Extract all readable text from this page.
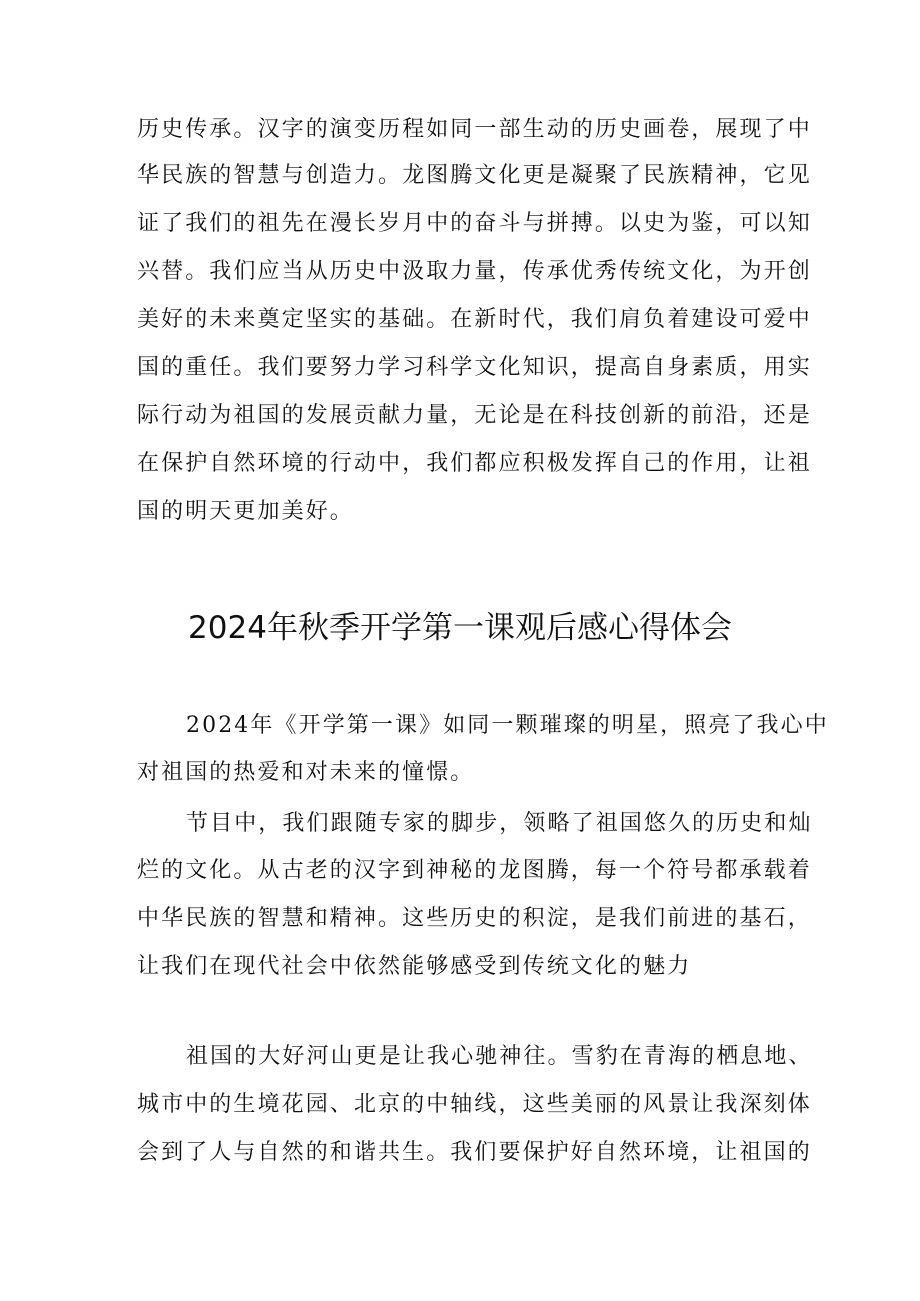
历史传承。汉字的演变历程如同一部生动的历史画卷，展现了中
华民族的智慧与创造力。龙图腾文化更是凝聚了民族精神，它见
证了我们的祖先在漫长岁月中的奋斗与拼搏。以史为鉴，可以知
兴替。我们应当从历史中汲取力量，传承优秀传统文化，为开创
美好的未来奠定坚实的基础。在新时代，我们肩负着建设可爱中
国的重任。我们要努力学习科学文化知识，提高自身素质，用实
际行动为祖国的发展贡献力量，无论是在科技创新的前沿，还是
在保护自然环境的行动中，我们都应积极发挥自己的作用，让祖
国的明天更加美好。
2024年秋季开学第一课观后感心得体会
2024年《开学第一课》如同一颗璀璨的明星，照亮了我心中
对祖国的热爱和对未来的憧憬。
节目中，我们跟随专家的脚步，领略了祖国悠久的历史和灿
烂的文化。从古老的汉字到神秘的龙图腾，每一个符号都承载着
中华民族的智慧和精神。这些历史的积淀，是我们前进的基石，
让我们在现代社会中依然能够感受到传统文化的魅力
祖国的大好河山更是让我心驰神往。雪豹在青海的栖息地、
城市中的生境花园、北京的中轴线，这些美丽的风景让我深刻体
会到了人与自然的和谐共生。我们要保护好自然环境，让祖国的
